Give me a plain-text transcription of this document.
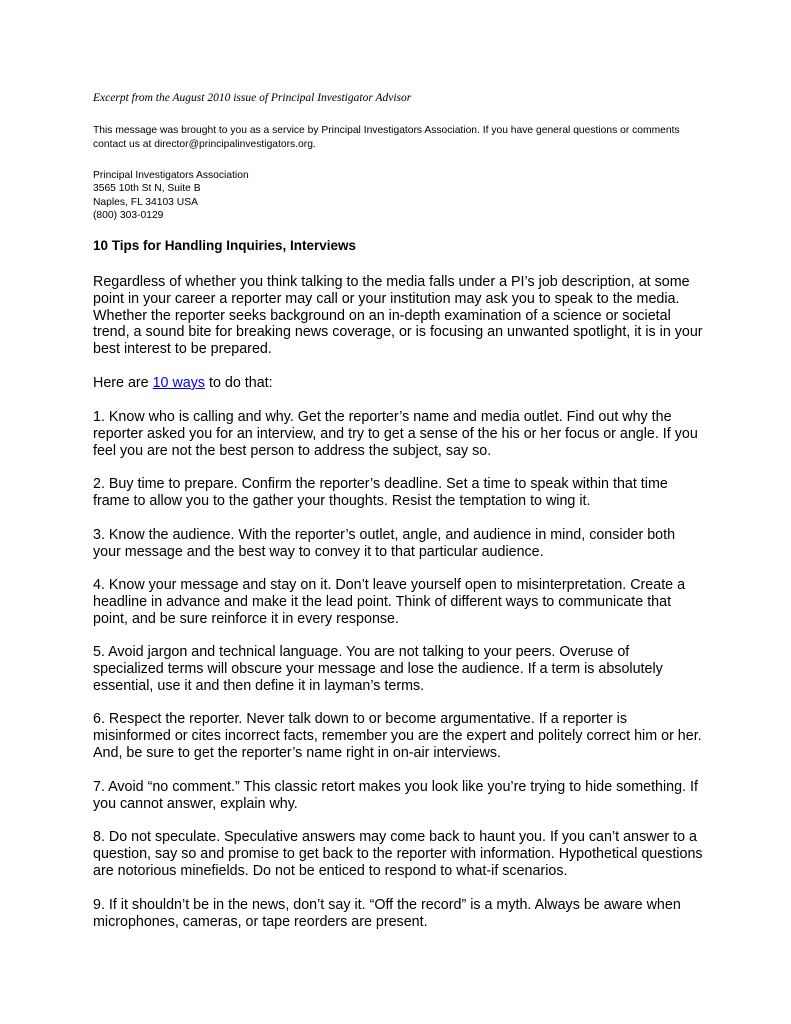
Excerpt from the August 2010 issue of Principal Investigator Advisor

This message was brought to you as a service by Principal Investigators Association. If you have general questions or comments contact us at director@principalinvestigators.org.

Principal Investigators Association
3565 10th St N, Suite B
Naples, FL 34103 USA
(800) 303-0129
10 Tips for Handling Inquiries, Interviews

Regardless of whether you think talking to the media falls under a PI’s job description, at some point in your career a reporter may call or your institution may ask you to speak to the media. Whether the reporter seeks background on an in-depth examination of a science or societal trend, a sound bite for breaking news coverage, or is focusing an unwanted spotlight, it is in your best interest to be prepared.

Here are 10 ways to do that:

1. Know who is calling and why. Get the reporter’s name and media outlet. Find out why the reporter asked you for an interview, and try to get a sense of the his or her focus or angle. If you feel you are not the best person to address the subject, say so.

2. Buy time to prepare. Confirm the reporter’s deadline. Set a time to speak within that time frame to allow you to the gather your thoughts. Resist the temptation to wing it.

3. Know the audience. With the reporter’s outlet, angle, and audience in mind, consider both your message and the best way to convey it to that particular audience.

4. Know your message and stay on it. Don’t leave yourself open to misinterpretation. Create a headline in advance and make it the lead point. Think of different ways to communicate that point, and be sure reinforce it in every response.

5. Avoid jargon and technical language. You are not talking to your peers. Overuse of specialized terms will obscure your message and lose the audience. If a term is absolutely essential, use it and then define it in layman’s terms.

6. Respect the reporter. Never talk down to or become argumentative. If a reporter is misinformed or cites incorrect facts, remember you are the expert and politely correct him or her. And, be sure to get the reporter’s name right in on-air interviews.

7. Avoid “no comment.” This classic retort makes you look like you’re trying to hide something. If you cannot answer, explain why.

8. Do not speculate. Speculative answers may come back to haunt you. If you can’t answer to a question, say so and promise to get back to the reporter with information. Hypothetical questions are notorious minefields. Do not be enticed to respond to what-if scenarios.

9. If it shouldn’t be in the news, don’t say it. “Off the record” is a myth. Always be aware when microphones, cameras, or tape reorders are present.
